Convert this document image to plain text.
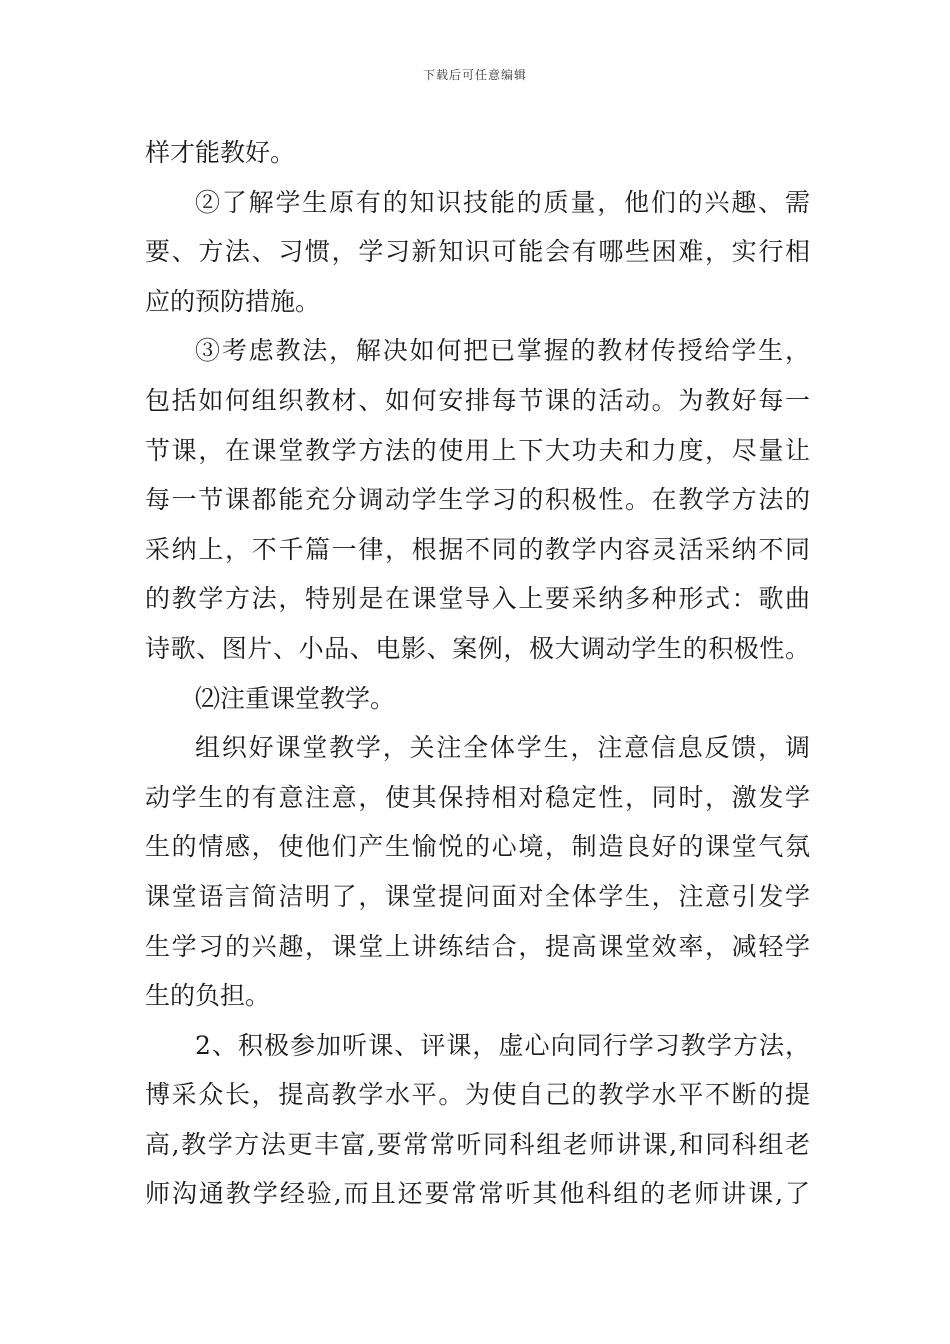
下载后可任意编辑
样才能教好。
②了解学生原有的知识技能的质量，他们的兴趣、需
要、方法、习惯，学习新知识可能会有哪些困难，实行相
应的预防措施。
③考虑教法，解决如何把已掌握的教材传授给学生，
包括如何组织教材、如何安排每节课的活动。为教好每一
节课，在课堂教学方法的使用上下大功夫和力度，尽量让
每一节课都能充分调动学生学习的积极性。在教学方法的
采纳上，不千篇一律，根据不同的教学内容灵活采纳不同
的教学方法，特别是在课堂导入上要采纳多种形式：歌曲
诗歌、图片、小品、电影、案例，极大调动学生的积极性。
⑵注重课堂教学。
组织好课堂教学，关注全体学生，注意信息反馈，调
动学生的有意注意，使其保持相对稳定性，同时，激发学
生的情感，使他们产生愉悦的心境，制造良好的课堂气氛
课堂语言简洁明了，课堂提问面对全体学生，注意引发学
生学习的兴趣，课堂上讲练结合，提高课堂效率，减轻学
生的负担。
2、积极参加听课、评课，虚心向同行学习教学方法，
博采众长，提高教学水平。为使自己的教学水平不断的提
高,教学方法更丰富,要常常听同科组老师讲课,和同科组老
师沟通教学经验,而且还要常常听其他科组的老师讲课,了
